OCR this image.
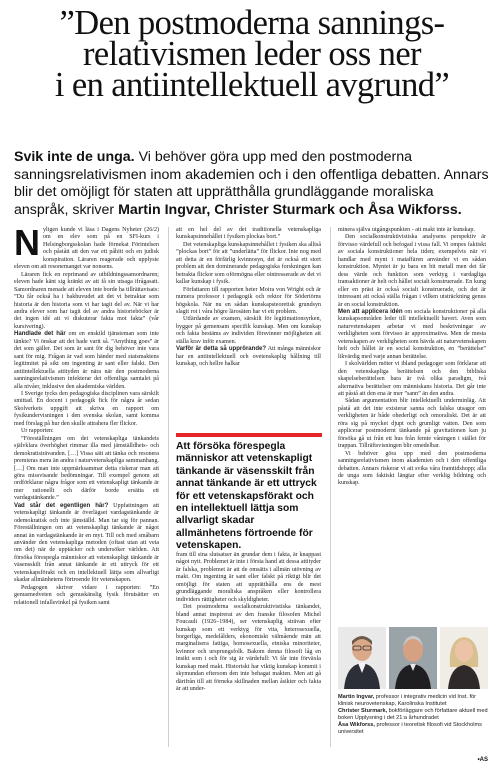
”Den postmoderna sannings-
relativismen leder oss ner
i en antiintellektuell avgrund”

Svik inte de unga. Vi behöver göra upp med den postmoderna sanningsrelativismen inom akademien och i den offentliga debatten. Annars blir det omöjligt för staten att upprätthålla grundläggande moraliska anspråk, skriver Martin Ingvar, Christer Sturmark och Åsa Wikforss.

Nyligen kunde vi läsa i Dagens Nyheter (26/2) om en elev som på en SFI-kurs i Helsingborgsskolan hade förnekat Förintelsen och påstått att den var ett påhitt och en judisk konspiration. Läraren reagerade och upplyste eleven om att resonemanget var nonsens.

Läraren fick en reprimand av utbildningssamordnaren; eleven hade känt sig kränkt av att få sin utsaga ifrågasatt. Samordnaren menade att eleven inte borde ha tillrättavisats: ”Du får också ha i bakhuvudet att det vi betraktar som historia är den historia som vi har tagit del av. När vi har andra elever som har tagit del av andra historieböcker är det ingen idé att vi diskuterar fakta mot fakta” (vår kursivering).

Handlade det här om en enskild tjänsteman som inte tänkte? Vi önskar att det hade varit så. ”Anything goes” är det som gäller. Det som är sant för dig behöver inte vara sant för mig. Frågan är vad som händer med statsmaktens legitimitet på sikt om ingenting är sant eller falskt. Den antiintellektuella attityden är nära när den postmoderna sanningsrelativismen infekterar det offentliga samtalet på alla nivåer, inklusive den akademiska världen.

I Sverige tycks den pedagogiska disciplinen vara särskilt smittad. En docent i pedagogik fick för några år sedan Skolverkets uppgift att skriva en rapport om fysikundervisningen i den svenska skolan, samt komma med förslag på hur den skulle attrahera fler flickor.

Ur rapporten:

”Föreställningen om det vetenskapliga tänkandets självklara överhöghet rimmar illa med jämställdhets- och demokratisträvanden. […] Vissa sätt att tänka och resonera premieras mera än andra i naturvetenskapliga sammanhang. […] Om man inte uppmärksammar detta riskerar man att göra missvisande bedömningar. Till exempel genom att ordförklarar några frågor som ett vetenskapligt tänkande är mer rationellt och därför borde ersätta ett vardagstänkande.”

Vad står det egentligen här? Uppfattningen att vetenskapligt tänkande är överlägset vardagstänkande är odemokratisk och inte jämställd. Man tar sig för pannan. Föreställningen om att vetenskapligt tänkande är något annat än vardagstänkande är en myt. Till och med småbarn använder den vetenskapliga metoden (oftast utan att veta om det) när de upptäcker och undersöker världen. Att försöka förespegla människor att vetenskapligt tänkande är väsensskilt från annat tänkande är ett uttryck för ett vetenskapsförakt och en intellektuell lättja som allvarligt skadar allmänhetens förtroende för vetenskapen.

Pedagogen skriver vidare i rapporten: ”En genusmedveten och genuskänslig fysik förutsätter en relationell infallsvinkel på fysiken samt

att en hel del av det traditionella vetenskapliga kunskapsinnehållet i fysiken plockas bort.”

Det vetenskapliga kunskapsinnehållet i fysiken ska alltså ”plockas bort” för att ”underlätta” för flickor. Inte nog med att detta är en förfärlig kvinnosyn, det är också ett stort problem att den dominerande pedagogiska forskningen kan betrakta flickor som oförmögna eller ointresserade av det vi kallar kunskap i fysik.

Författaren till rapporten heter Moira von Wright och är numera professor i pedagogik och rektor för Södertörns högskola. När nu en sådan kunskapsteoretisk grundsyn slagit rot i våra högre lärosäten har vi ett problem.

Utfärdande av examen, särskilt för legitimationsyrken, bygger på gemensam specifik kunskap. Men om kunskap och fakta bestäms av individen försvinner möjligheten att ställa krav inför examen.

Varför är detta så upprörande? Att många människor har en antiintellektuell och ovetenskaplig hållning till kunskap, och hellre halkar

Att försöka förespegla människor att vetenskapligt tänkande är väsensskilt från annat tänkande är ett uttryck för ett vetenskapsförakt och en intellektuell lättja som allvarligt skadar allmänhetens förtroende för vetenskapen.

fram till sina slutsatser än grundar dem i fakta, är knappast något nytt. Problemet är inte i första hand att dessa attityder är falska, problemet är att de omsätts i allmän utövning av makt. Om ingenting är sant eller falskt på riktigt blir det omöjligt för staten att upprätthålla ens de mest grundläggande moraliska anspråken eller kontrollera individers rättigheter och skyldigheter.

Det postmoderna socialkonstruktivistiska tänkandet, bland annat inspirerat av den franske filosofen Michel Foucault (1926–1984), ser vetenskaplig strävan efter kunskap som ett verktyg för vita, heterosexuella, borgerliga, medelålders, ekonomiskt välmående män att marginalisera fattiga, homosexuella, etniska minoriteter, kvinnor och ursprungsfolk. Bakom denna filosofi låg en insikt som i och för sig är värdefull: Vi får inte förväxla kunskap med makt. Historiskt har viktig kunskap kommit i skymundan eftersom den inte behagat makten. Men att gå därifrån till att förneka skillnaden mellan åsikter och fakta är att under-

minera själva utgångspunkten - att makt inte är kunskap.

Den socialkonstruktivistiska analysens perspektiv är förvisso värdefull och befogad i vissa fall. Vi ompes faktiskt av sociala konstruktioner hela tiden; exempelvis när vi handlar med mynt i mataffären använder vi en sådan konstruktion. Myntet är ju bara en bit metall men det får dess värde och funktion som verktyg i vardagliga transaktioner är helt och hållet socialt konstruerade. En kung eller en präst är också socialt konstruerade, och det är intressant att också ställa frågan i vilken utsträckning genus är en social konstruktion.

Men att applicera idén om sociala konstruktioner på alla kunskapsområden leder till intellektuellt haveri. Aven som naturvetenskapen arbetar vi med beskrivningar av verkligheten som förvisso är approximativa. Men de mesta vetenskapen av verkligheten som hävda att naturvetenskapen helt och hållet är en social konstruktion, en ”berättelse” likvärdig med varje annan berättelse.

I skolvärlden möter vi ibland pedagoger som förklarar att den vetenskapliga berättelsen och den bibliska skapelseberättelsen bara är två olika paradigm, två alternativa berättelser om människans historia. Det går inte att påstå att den ena är mer ”sann” än den andra.

Sådan argumentation blir intellektuellt underminläg. Att påstå att det inte existerar sanna och falska utsagor om verkligheten är både ohederligt och omoraliskt. Det är att röra sig på mycket djupt och grumligt vatten. Den som applicerar postmodernt tänkande på gravitationen kan ju försöka gå ut från ett hus från femte våningen i stället för trappan. Tillräftsvisningen blir omedelbar.

Vi behöver göra upp med den postmoderna sanningsrelativismen inom akademien och i den offentliga debatten. Annars riskerar vi att svika våra framtidshopp; alla de unga som faktiskt längtar efter verklig bildning och kunskap.

Martin Ingvar, professor i integrativ medicin vid Inst. för klinisk neurovetenskap, Karolinska Institutet

Christer Sturmark, bokförläggare och författare aktuell med boken Upplysning i det 21:a århundradet

Åsa Wikforss, professor i teoretisk filosofi vid Stockholms universitet

•AS
